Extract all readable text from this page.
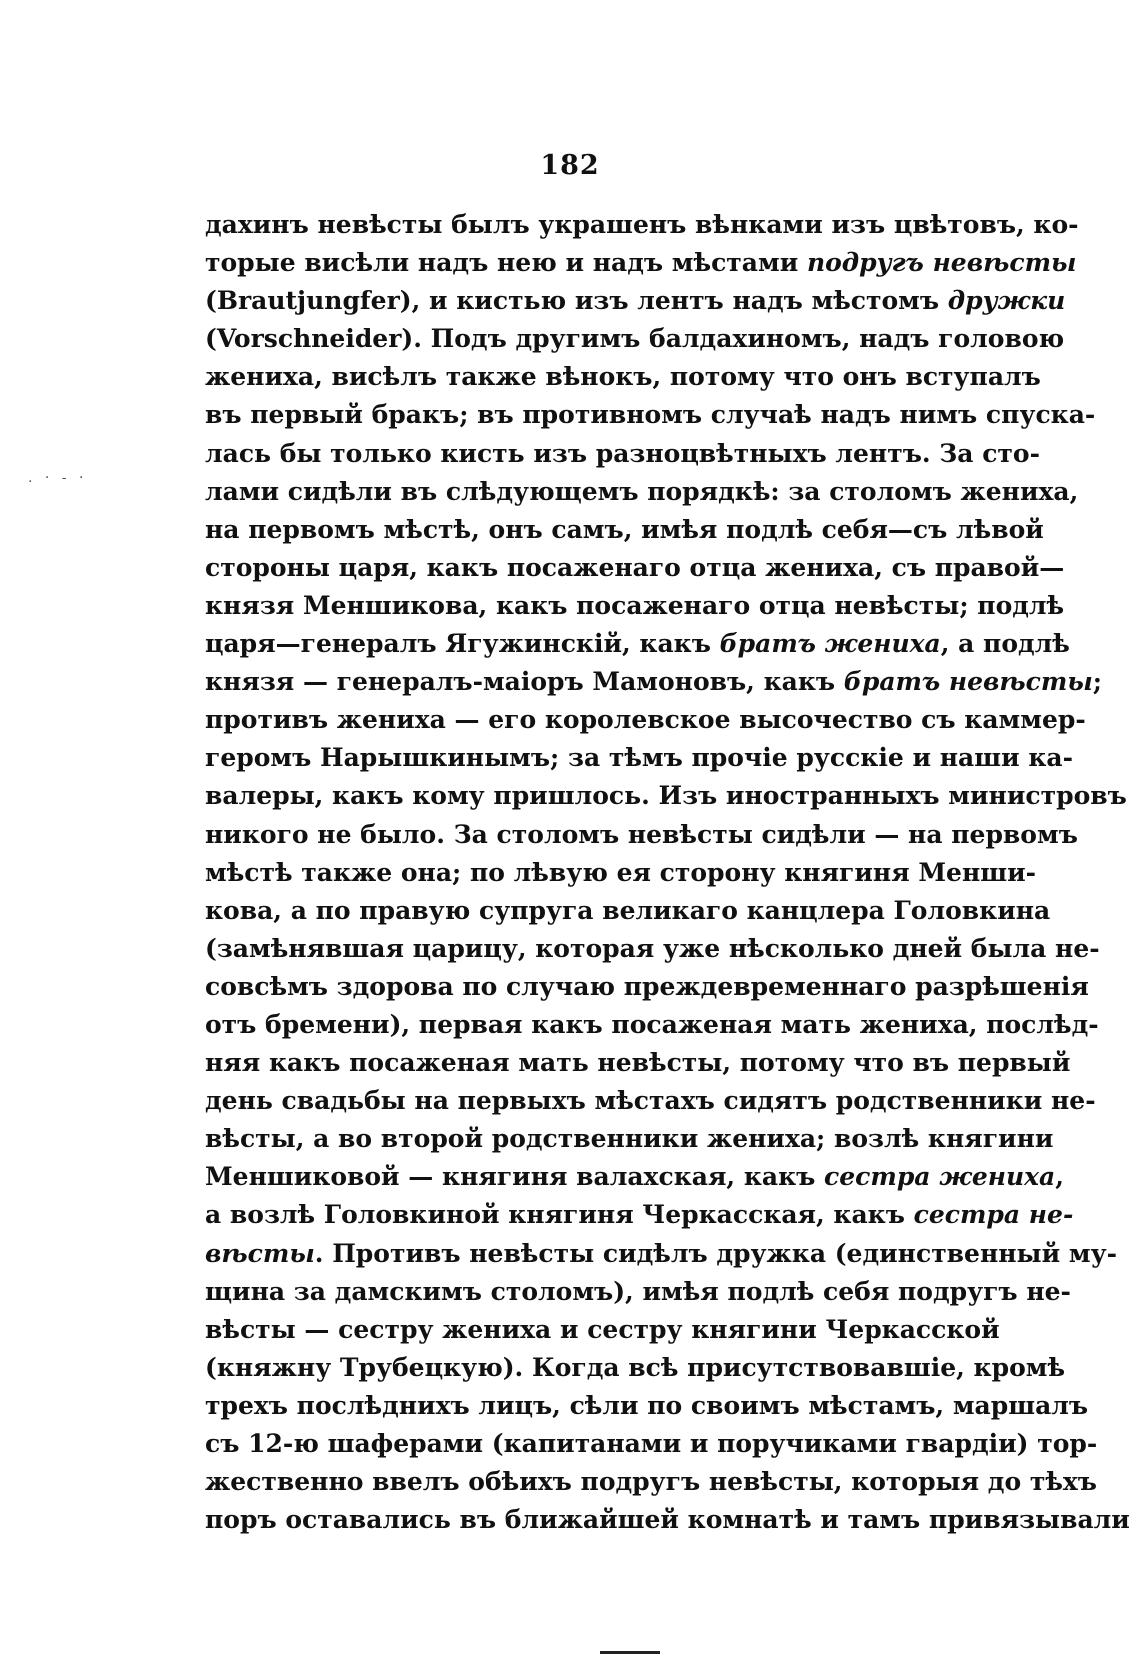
. · - ·
182
дахинъ невѣсты былъ украшенъ вѣнками изъ цвѣтовъ, ко-
торые висѣли надъ нею и надъ мѣстами подругъ невѣсты
(Brautjungfer), и кистью изъ лентъ надъ мѣстомъ дружки
(Vorschneider). Подъ другимъ балдахиномъ, надъ головою
жениха, висѣлъ также вѣнокъ, потому что онъ вступалъ
въ первый бракъ; въ противномъ случаѣ надъ нимъ спуска-
лась бы только кисть изъ разноцвѣтныхъ лентъ. За сто-
лами сидѣли въ слѣдующемъ порядкѣ: за столомъ жениха,
на первомъ мѣстѣ, онъ самъ, имѣя подлѣ себя—съ лѣвой
стороны царя, какъ посаженаго отца жениха, съ правой—
князя Меншикова, какъ посаженаго отца невѣсты; подлѣ
царя—генералъ Ягужинскій, какъ братъ жениха, а подлѣ
князя — генералъ-маіоръ Мамоновъ, какъ братъ невѣсты;
противъ жениха — его королевское высочество съ каммер-
геромъ Нарышкинымъ; за тѣмъ прочіе русскіе и наши ка-
валеры, какъ кому пришлось. Изъ иностранныхъ министровъ
никого не было. За столомъ невѣсты сидѣли — на первомъ
мѣстѣ также она; по лѣвую ея сторону княгиня Менши-
кова, а по правую супруга великаго канцлера Головкина
(замѣнявшая царицу, которая уже нѣсколько дней была не-
совсѣмъ здорова по случаю преждевременнаго разрѣшенія
отъ бремени), первая какъ посаженая мать жениха, послѣд-
няя какъ посаженая мать невѣсты, потому что въ первый
день свадьбы на первыхъ мѣстахъ сидятъ родственники не-
вѣсты, а во второй родственники жениха; возлѣ княгини
Меншиковой — княгиня валахская, какъ сестра жениха,
а возлѣ Головкиной княгиня Черкасская, какъ сестра не-
вѣсты. Противъ невѣсты сидѣлъ дружка (единственный му-
щина за дамскимъ столомъ), имѣя подлѣ себя подругъ не-
вѣсты — сестру жениха и сестру княгини Черкасской
(княжну Трубецкую). Когда всѣ присутствовавшіе, кромѣ
трехъ послѣднихъ лицъ, сѣли по своимъ мѣстамъ, маршалъ
съ 12-ю шаферами (капитанами и поручиками гвардіи) тор-
жественно ввелъ обѣихъ подругъ невѣсты, которыя до тѣхъ
поръ оставались въ ближайшей комнатѣ и тамъ привязывали
